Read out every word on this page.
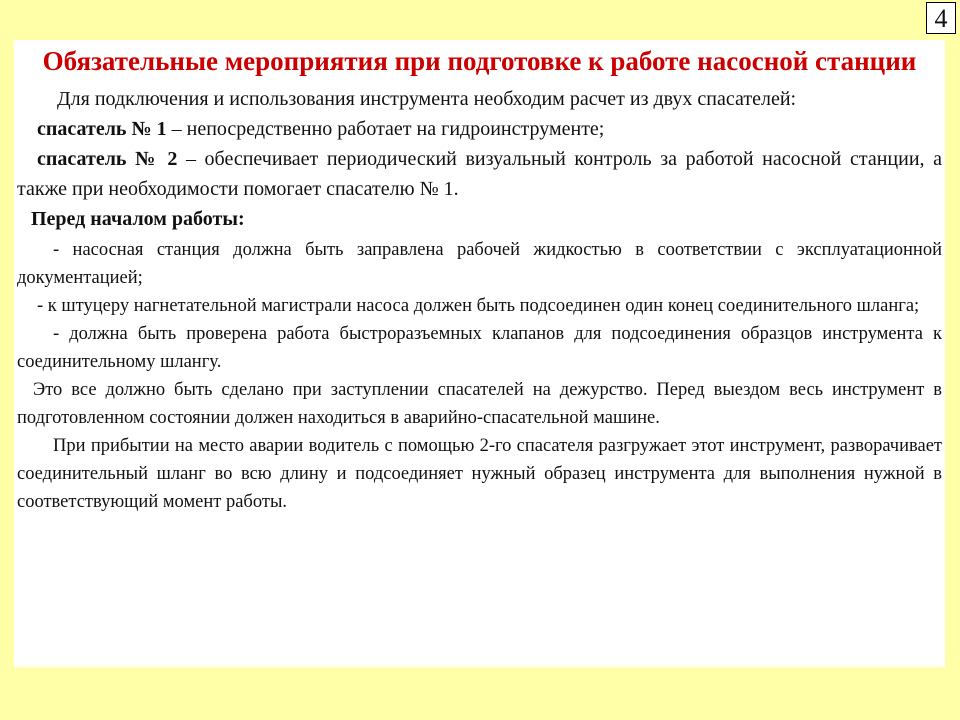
4
Обязательные мероприятия при подготовке к работе насосной станции

Для подключения и использования инструмента необходим расчет из двух спасателей:

спасатель № 1 – непосредственно работает на гидроинструменте;

спасатель № 2 – обеспечивает периодический визуальный контроль за работой насосной станции, а также при необходимости помогает спасателю № 1.

Перед началом работы:

- насосная станция должна быть заправлена рабочей жидкостью в соответствии с эксплуатационной документацией;

- к штуцеру нагнетательной магистрали насоса должен быть подсоединен один конец соединительного шланга;

- должна быть проверена работа быстроразъемных клапанов для подсоединения образцов инструмента к соединительному шлангу.

Это все должно быть сделано при заступлении спасателей на дежурство. Перед выездом весь инструмент в подготовленном состоянии должен находиться в аварийно-спасательной машине.

При прибытии на место аварии водитель с помощью 2-го спасателя разгружает этот инструмент, разворачивает соединительный шланг во всю длину и подсоединяет нужный образец инструмента для выполнения нужной в соответствующий момент работы.
